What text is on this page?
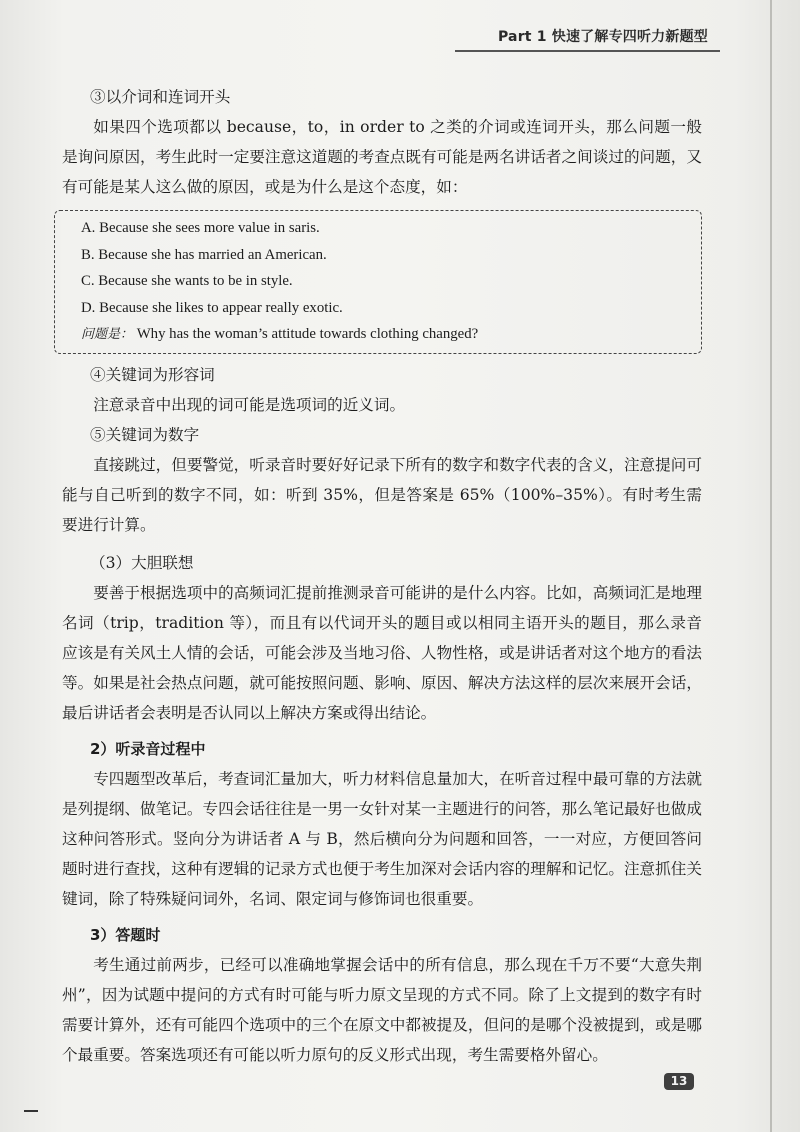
Part 1 快速了解专四听力新题型

③以介词和连词开头

如果四个选项都以 because，to，in order to 之类的介词或连词开头，那么问题一般是询问原因，考生此时一定要注意这道题的考查点既有可能是两名讲话者之间谈过的问题，又有可能是某人这么做的原因，或是为什么是这个态度，如：

A. Because she sees more value in saris.

B. Because she has married an American.

C. Because she wants to be in style.

D. Because she likes to appear really exotic.

问题是： Why has the woman’s attitude towards clothing changed?

④关键词为形容词

注意录音中出现的词可能是选项词的近义词。

⑤关键词为数字

直接跳过，但要警觉，听录音时要好好记录下所有的数字和数字代表的含义，注意提问可能与自己听到的数字不同，如：听到 35%，但是答案是 65%（100%–35%）。有时考生需要进行计算。

（3）大胆联想

要善于根据选项中的高频词汇提前推测录音可能讲的是什么内容。比如，高频词汇是地理名词（trip，tradition 等），而且有以代词开头的题目或以相同主语开头的题目，那么录音应该是有关风土人情的会话，可能会涉及当地习俗、人物性格，或是讲话者对这个地方的看法等。如果是社会热点问题，就可能按照问题、影响、原因、解决方法这样的层次来展开会话，最后讲话者会表明是否认同以上解决方案或得出结论。

2）听录音过程中

专四题型改革后，考查词汇量加大，听力材料信息量加大，在听音过程中最可靠的方法就是列提纲、做笔记。专四会话往往是一男一女针对某一主题进行的问答，那么笔记最好也做成这种问答形式。竖向分为讲话者 A 与 B，然后横向分为问题和回答，一一对应，方便回答问题时进行查找，这种有逻辑的记录方式也便于考生加深对会话内容的理解和记忆。注意抓住关键词，除了特殊疑问词外，名词、限定词与修饰词也很重要。

3）答题时

考生通过前两步，已经可以准确地掌握会话中的所有信息，那么现在千万不要“大意失荆州”，因为试题中提问的方式有时可能与听力原文呈现的方式不同。除了上文提到的数字有时需要计算外，还有可能四个选项中的三个在原文中都被提及，但问的是哪个没被提到，或是哪个最重要。答案选项还有可能以听力原句的反义形式出现，考生需要格外留心。

13
